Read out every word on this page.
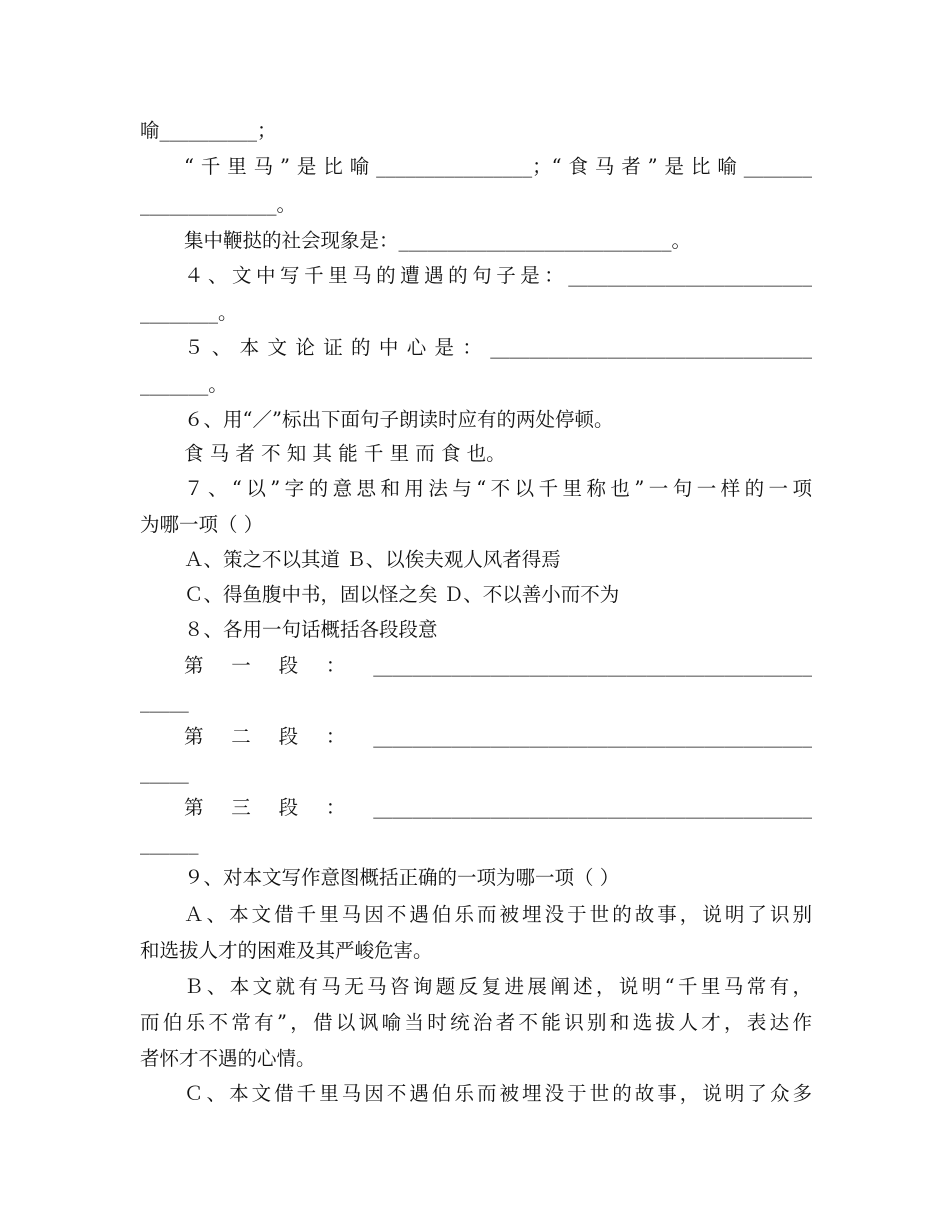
喻__________；
“千里马”是比喻________________；“食马者”是比喻_______
______________。
集中鞭挞的社会现象是：____________________________。
４、文中写千里马的遭遇的句子是：_________________________
________。
５、本文论证的中心是：_________________________________
_______。
６、用“／”标出下面句子朗读时应有的两处停顿。
食 马 者 不 知 其 能 千 里 而 食 也。
７、“以”字的意思和用法与“不以千里称也”一句一样的一项
为哪一项（ ）
Ａ、策之不以其道 Ｂ、以俟夫观人风者得焉
Ｃ、得鱼腹中书，固以怪之矣 Ｄ、不以善小而不为
８、各用一句话概括各段段意
第一段：_____________________________________________
_____
第二段：_____________________________________________
_____
第三段：_____________________________________________
______
９、对本文写作意图概括正确的一项为哪一项（ ）
Ａ、本文借千里马因不遇伯乐而被埋没于世的故事，说明了识别
和选拔人才的困难及其严峻危害。
Ｂ、本文就有马无马咨询题反复进展阐述，说明“千里马常有，
而伯乐不常有”，借以讽喻当时统治者不能识别和选拔人才，表达作
者怀才不遇的心情。
Ｃ、本文借千里马因不遇伯乐而被埋没于世的故事，说明了众多
